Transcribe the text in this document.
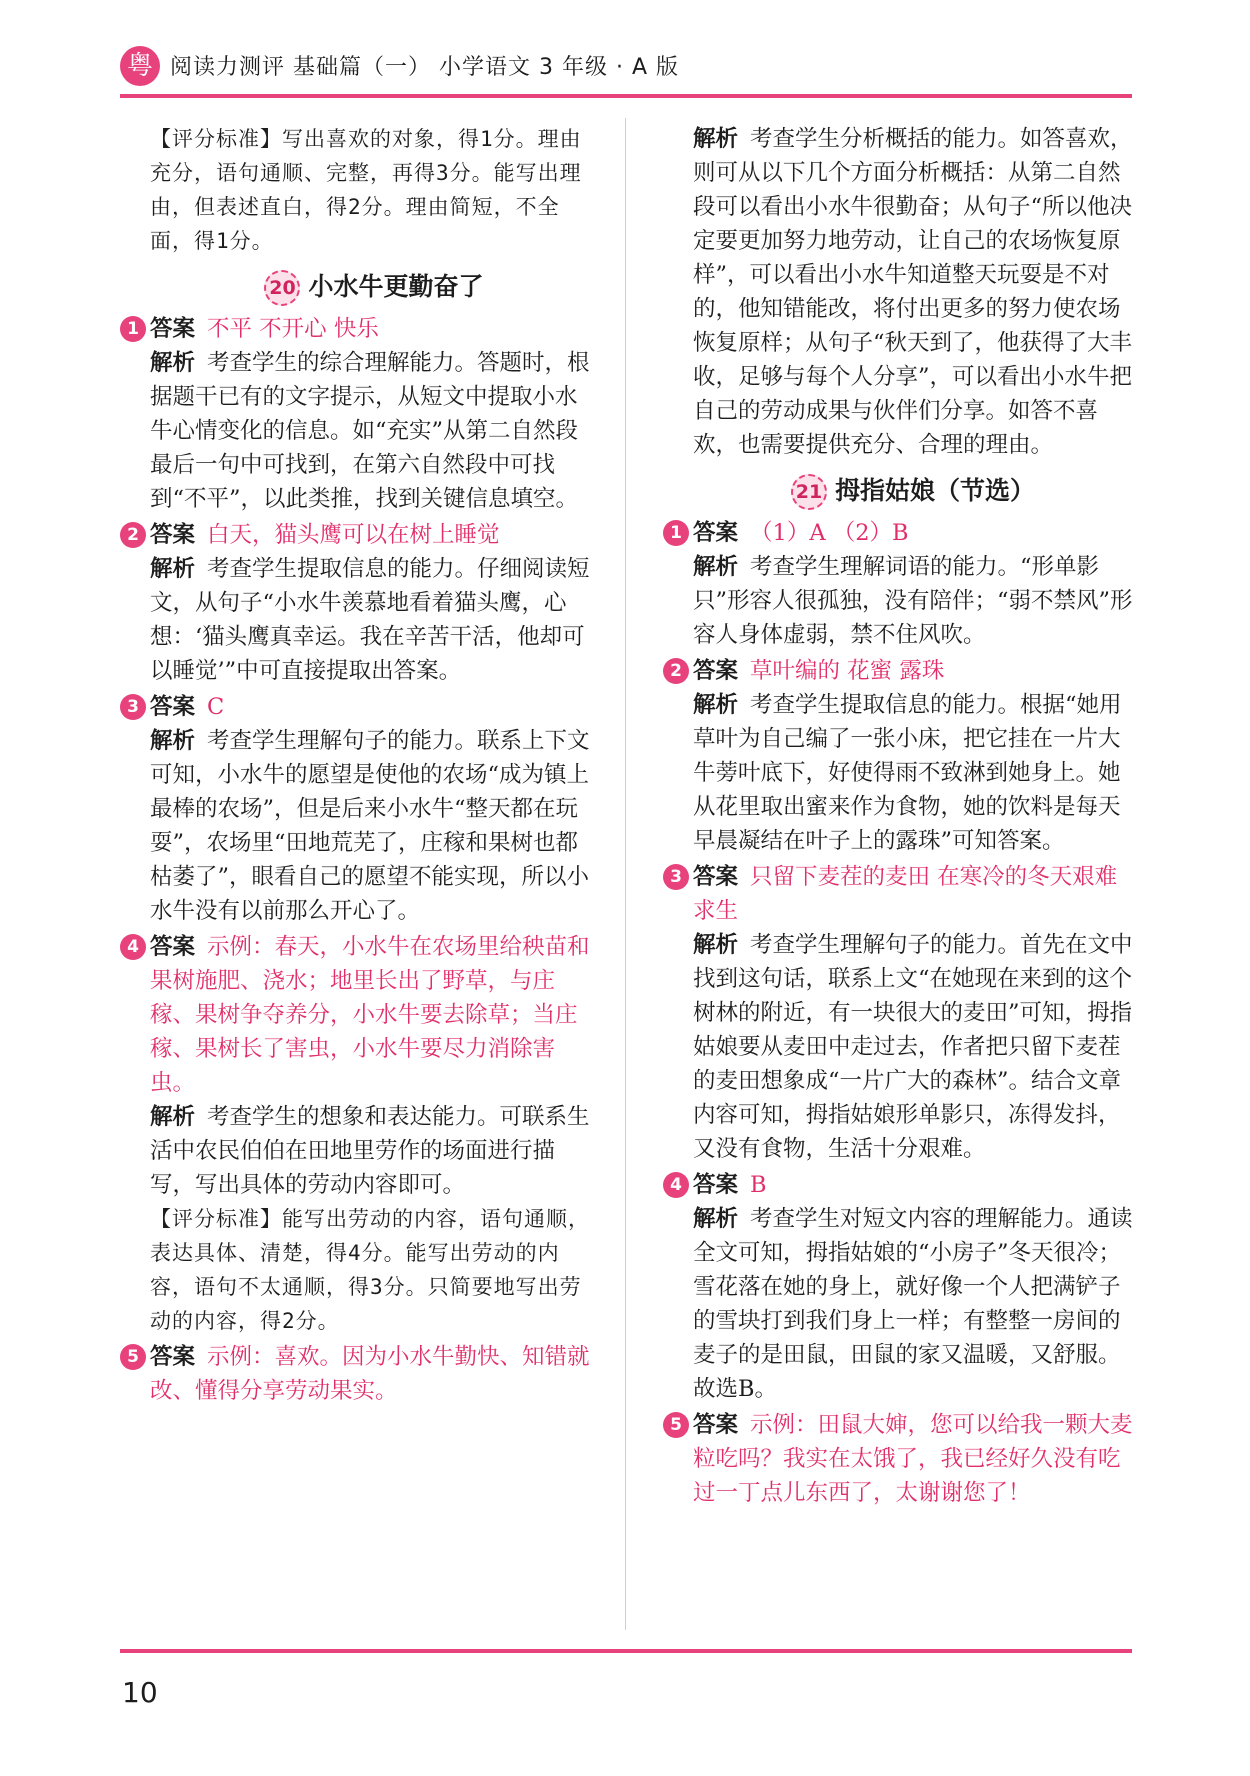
粤 阅读力测评 基础篇（一） 小学语文 3 年级 · A 版

【评分标准】写出喜欢的对象，得1分。理由充分，语句通顺、完整，再得3分。能写出理由，但表述直白，得2分。理由简短，不全面，得1分。

20 小水牛更勤奋了
1 答案 不平 不开心 快乐

解析 考查学生的综合理解能力。答题时，根据题干已有的文字提示，从短文中提取小水牛心情变化的信息。如“充实”从第二自然段最后一句中可找到，在第六自然段中可找到“不平”，以此类推，找到关键信息填空。

2 答案 白天，猫头鹰可以在树上睡觉

解析 考查学生提取信息的能力。仔细阅读短文，从句子“小水牛羡慕地看着猫头鹰，心想：‘猫头鹰真幸运。我在辛苦干活，他却可以睡觉’”中可直接提取出答案。

3 答案 C

解析 考查学生理解句子的能力。联系上下文可知，小水牛的愿望是使他的农场“成为镇上最棒的农场”，但是后来小水牛“整天都在玩耍”，农场里“田地荒芜了，庄稼和果树也都枯萎了”，眼看自己的愿望不能实现，所以小水牛没有以前那么开心了。

4 答案 示例：春天，小水牛在农场里给秧苗和果树施肥、浇水；地里长出了野草，与庄稼、果树争夺养分，小水牛要去除草；当庄稼、果树长了害虫，小水牛要尽力消除害虫。

解析 考查学生的想象和表达能力。可联系生活中农民伯伯在田地里劳作的场面进行描写，写出具体的劳动内容即可。

【评分标准】能写出劳动的内容，语句通顺，表达具体、清楚，得4分。能写出劳动的内容，语句不太通顺，得3分。只简要地写出劳动的内容，得2分。

5 答案 示例：喜欢。因为小水牛勤快、知错就改、懂得分享劳动果实。

解析 考查学生分析概括的能力。如答喜欢，则可从以下几个方面分析概括：从第二自然段可以看出小水牛很勤奋；从句子“所以他决定要更加努力地劳动，让自己的农场恢复原样”，可以看出小水牛知道整天玩耍是不对的，他知错能改，将付出更多的努力使农场恢复原样；从句子“秋天到了，他获得了大丰收，足够与每个人分享”，可以看出小水牛把自己的劳动成果与伙伴们分享。如答不喜欢，也需要提供充分、合理的理由。

21 拇指姑娘（节选）
1 答案 （1）A （2）B

解析 考查学生理解词语的能力。“形单影只”形容人很孤独，没有陪伴；“弱不禁风”形容人身体虚弱，禁不住风吹。

2 答案 草叶编的 花蜜 露珠

解析 考查学生提取信息的能力。根据“她用草叶为自己编了一张小床，把它挂在一片大牛蒡叶底下，好使得雨不致淋到她身上。她从花里取出蜜来作为食物，她的饮料是每天早晨凝结在叶子上的露珠”可知答案。

3 答案 只留下麦茬的麦田 在寒冷的冬天艰难求生

解析 考查学生理解句子的能力。首先在文中找到这句话，联系上文“在她现在来到的这个树林的附近，有一块很大的麦田”可知，拇指姑娘要从麦田中走过去，作者把只留下麦茬的麦田想象成“一片广大的森林”。结合文章内容可知，拇指姑娘形单影只，冻得发抖，又没有食物，生活十分艰难。

4 答案 B

解析 考查学生对短文内容的理解能力。通读全文可知，拇指姑娘的“小房子”冬天很冷；雪花落在她的身上，就好像一个人把满铲子的雪块打到我们身上一样；有整整一房间的麦子的是田鼠，田鼠的家又温暖，又舒服。故选B。

5 答案 示例：田鼠大婶，您可以给我一颗大麦粒吃吗？我实在太饿了，我已经好久没有吃过一丁点儿东西了，太谢谢您了！

10
